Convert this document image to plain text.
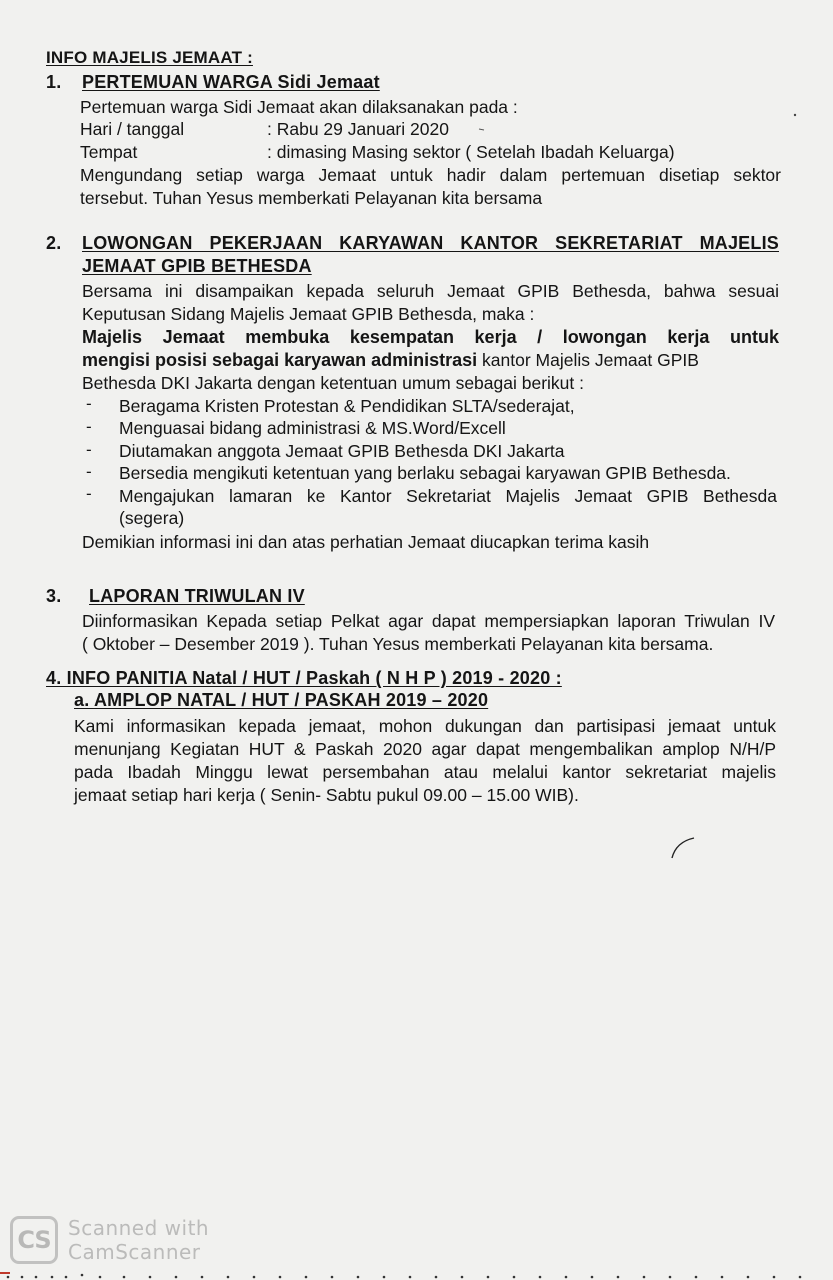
INFO MAJELIS JEMAAT :
1. PERTEMUAN WARGA Sidi Jemaat
Pertemuan warga Sidi Jemaat akan dilaksanakan pada :
Hari / tanggal	: Rabu 29 Januari 2020
Tempat	: dimasing Masing sektor ( Setelah Ibadah Keluarga)
Mengundang setiap warga Jemaat untuk hadir dalam pertemuan disetiap sektor
tersebut. Tuhan Yesus memberkati Pelayanan kita bersama
2. LOWONGAN PEKERJAAN KARYAWAN KANTOR SEKRETARIAT MAJELIS
JEMAAT GPIB BETHESDA
Bersama ini disampaikan kepada seluruh Jemaat GPIB Bethesda, bahwa sesuai
Keputusan Sidang Majelis Jemaat GPIB Bethesda, maka :
Majelis Jemaat membuka kesempatan kerja / lowongan kerja untuk
mengisi posisi sebagai karyawan administrasi kantor Majelis Jemaat GPIB
Bethesda DKI Jakarta dengan ketentuan umum sebagai berikut :
- Beragama Kristen Protestan & Pendidikan SLTA/sederajat,
- Menguasai bidang administrasi & MS.Word/Excell
- Diutamakan anggota Jemaat GPIB Bethesda DKI Jakarta
- Bersedia mengikuti ketentuan yang berlaku sebagai karyawan GPIB Bethesda.
- Mengajukan lamaran ke Kantor Sekretariat Majelis Jemaat GPIB Bethesda
(segera)
Demikian informasi ini dan atas perhatian Jemaat diucapkan terima kasih
3. LAPORAN TRIWULAN IV
Diinformasikan Kepada setiap Pelkat agar dapat mempersiapkan laporan Triwulan IV
( Oktober – Desember 2019 ). Tuhan Yesus memberkati Pelayanan kita bersama.
4. INFO PANITIA Natal / HUT / Paskah ( N H P ) 2019 - 2020 :
a. AMPLOP NATAL / HUT / PASKAH 2019 – 2020
Kami informasikan kepada jemaat, mohon dukungan dan partisipasi jemaat untuk
menunjang Kegiatan HUT & Paskah 2020 agar dapat mengembalikan amplop N/H/P
pada Ibadah Minggu lewat persembahan atau melalui kantor sekretariat majelis
jemaat setiap hari kerja ( Senin- Sabtu pukul 09.00 – 15.00 WIB).
CS Scanned with
CamScanner
